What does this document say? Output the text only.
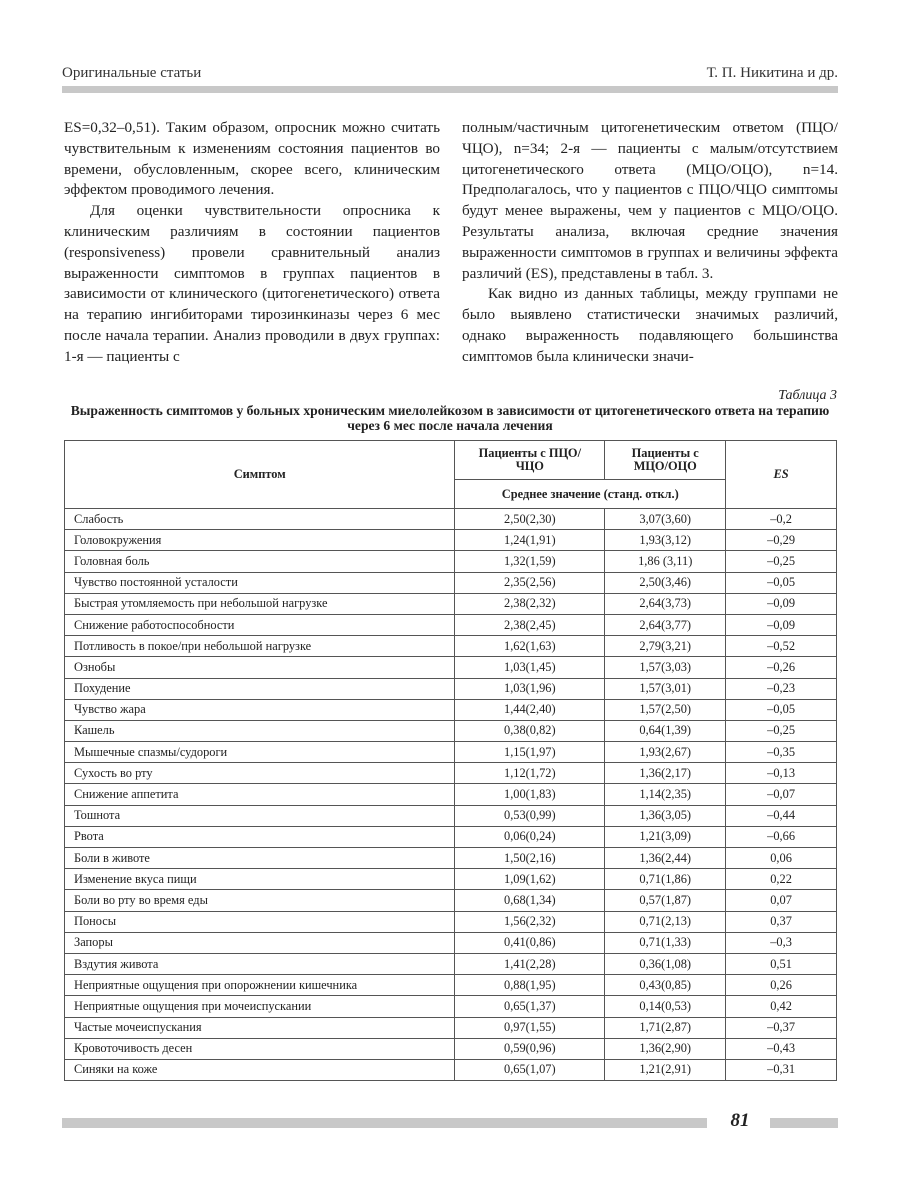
Оригинальные статьи	Т. П. Никитина и др.

ES=0,32–0,51). Таким образом, опросник можно считать чувствительным к изменениям состояния пациентов во времени, обусловленным, скорее всего, клиническим эффектом проводимого лечения.

Для оценки чувствительности опросника к клиническим различиям в состоянии пациентов (responsiveness) провели сравнительный анализ выраженности симптомов в группах пациентов в зависимости от клинического (цитогенетического) ответа на терапию ингибиторами тирозинкиназы через 6 мес после начала терапии. Анализ проводили в двух группах: 1-я — пациенты с

полным/частичным цитогенетическим ответом (ПЦО/ЧЦО), n=34; 2-я — пациенты с малым/отсутствием цитогенетического ответа (МЦО/ОЦО), n=14. Предполагалось, что у пациентов с ПЦО/ЧЦО симптомы будут менее выражены, чем у пациентов с МЦО/ОЦО. Результаты анализа, включая средние значения выраженности симптомов в группах и величины эффекта различий (ES), представлены в табл. 3.

Как видно из данных таблицы, между группами не было выявлено статистически значимых различий, однако выраженность подавляющего большинства симптомов была клинически значи-

Таблица 3
Выраженность симптомов у больных хроническим миелолейкозом в зависимости от цитогенетического ответа на терапию через 6 мес после начала лечения
Симптом	Пациенты с ПЦО/ЧЦО	Пациенты с МЦО/ОЦО	ES
	Среднее значение (станд. откл.)		
Слабость	2,50(2,30)	3,07(3,60)	–0,2
Головокружения	1,24(1,91)	1,93(3,12)	–0,29
Головная боль	1,32(1,59)	1,86 (3,11)	–0,25
Чувство постоянной усталости	2,35(2,56)	2,50(3,46)	–0,05
Быстрая утомляемость при небольшой нагрузке	2,38(2,32)	2,64(3,73)	–0,09
Снижение работоспособности	2,38(2,45)	2,64(3,77)	–0,09
Потливость в покое/при небольшой нагрузке	1,62(1,63)	2,79(3,21)	–0,52
Ознобы	1,03(1,45)	1,57(3,03)	–0,26
Похудение	1,03(1,96)	1,57(3,01)	–0,23
Чувство жара	1,44(2,40)	1,57(2,50)	–0,05
Кашель	0,38(0,82)	0,64(1,39)	–0,25
Мышечные спазмы/судороги	1,15(1,97)	1,93(2,67)	–0,35
Сухость во рту	1,12(1,72)	1,36(2,17)	–0,13
Снижение аппетита	1,00(1,83)	1,14(2,35)	–0,07
Тошнота	0,53(0,99)	1,36(3,05)	–0,44
Рвота	0,06(0,24)	1,21(3,09)	–0,66
Боли в животе	1,50(2,16)	1,36(2,44)	0,06
Изменение вкуса пищи	1,09(1,62)	0,71(1,86)	0,22
Боли во рту во время еды	0,68(1,34)	0,57(1,87)	0,07
Поносы	1,56(2,32)	0,71(2,13)	0,37
Запоры	0,41(0,86)	0,71(1,33)	–0,3
Вздутия живота	1,41(2,28)	0,36(1,08)	0,51
Неприятные ощущения при опорожнении кишечника	0,88(1,95)	0,43(0,85)	0,26
Неприятные ощущения при мочеиспускании	0,65(1,37)	0,14(0,53)	0,42
Частые мочеиспускания	0,97(1,55)	1,71(2,87)	–0,37
Кровоточивость десен	0,59(0,96)	1,36(2,90)	–0,43
Синяки на коже	0,65(1,07)	1,21(2,91)	–0,31
81
